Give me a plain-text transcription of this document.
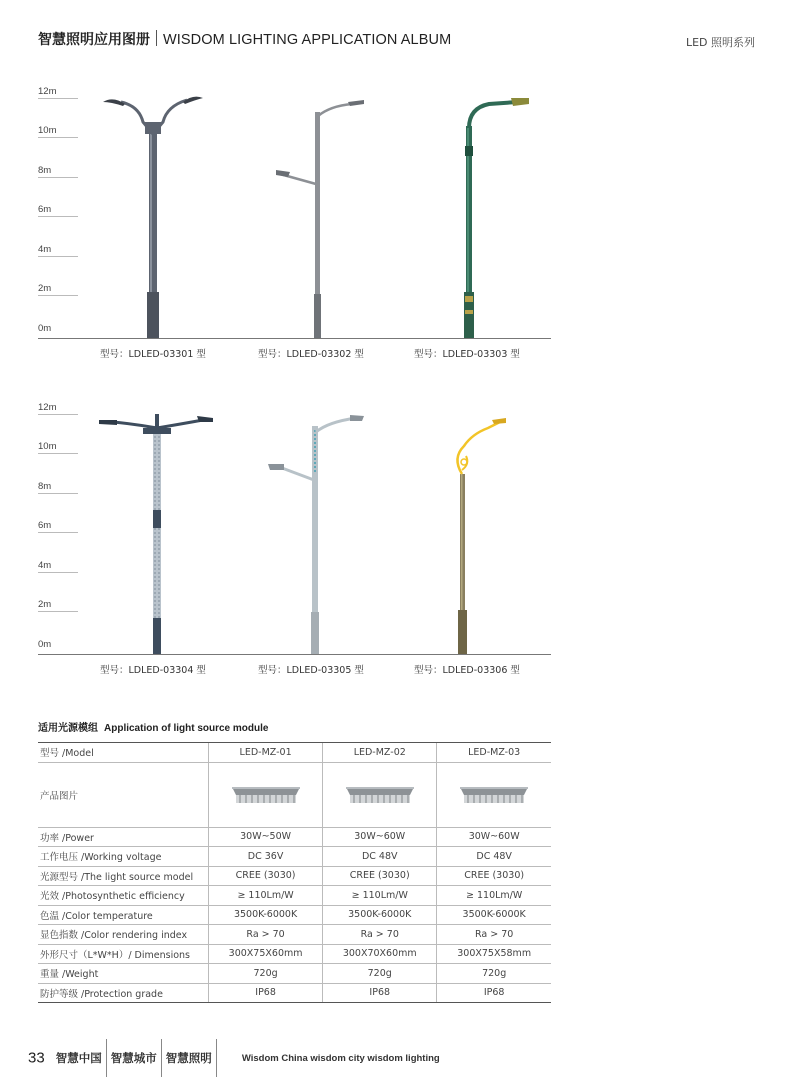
智慧照明应用图册 WISDOM LIGHTING APPLICATION ALBUM	LED 照明系列
12m
10m
8m
6m
4m
2m
0m
型号：LDLED-03301 型	型号：LDLED-03302 型	型号：LDLED-03303 型
12m
10m
8m
6m
4m
2m
0m
型号：LDLED-03304 型	型号：LDLED-03305 型	型号：LDLED-03306 型
适用光源模组 Application of light source module
型号 /Model	LED-MZ-01	LED-MZ-02	LED-MZ-03
产品图片			
功率 /Power	30W~50W	30W~60W	30W~60W
工作电压 /Working voltage	DC 36V	DC 48V	DC 48V
光源型号 /The light source model	CREE (3030)	CREE (3030)	CREE (3030)
光效 /Photosynthetic efficiency	≥ 110Lm/W	≥ 110Lm/W	≥ 110Lm/W
色温 /Color temperature	3500K-6000K	3500K-6000K	3500K-6000K
显色指数 /Color rendering index	Ra > 70	Ra > 70	Ra > 70
外形尺寸（L*W*H）/ Dimensions	300X75X60mm	300X70X60mm	300X75X58mm
重量 /Weight	720g	720g	720g
防护等级 /Protection grade	IP68	IP68	IP68
33 智慧中国 智慧城市 智慧照明	Wisdom China wisdom city wisdom lighting
